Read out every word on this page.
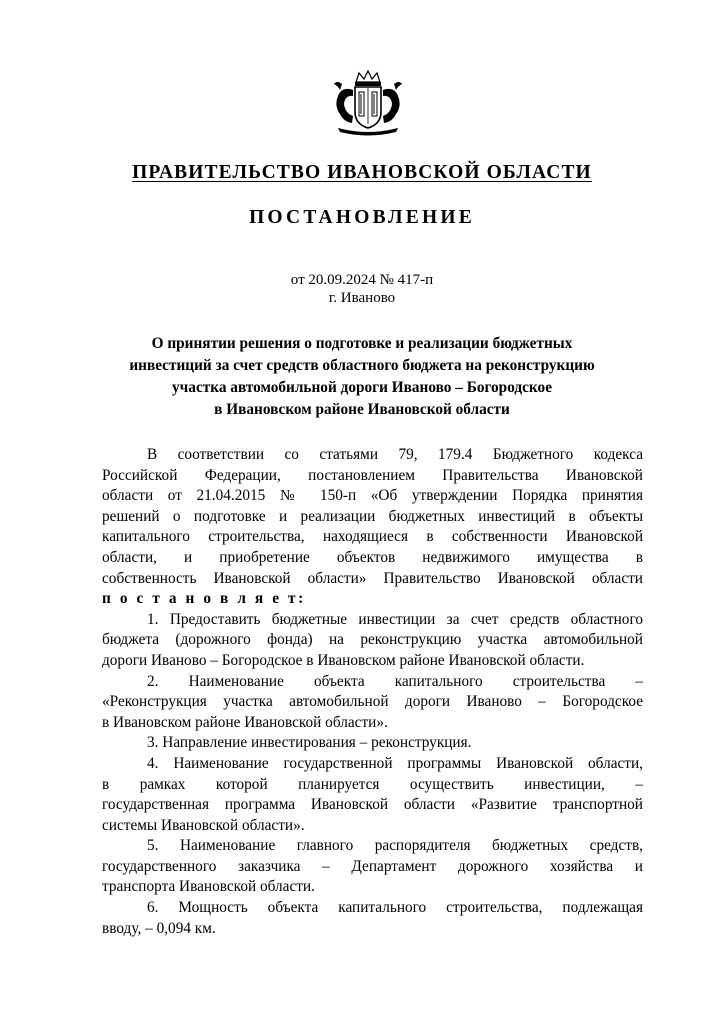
ПРАВИТЕЛЬСТВО ИВАНОВСКОЙ ОБЛАСТИ
ПОСТАНОВЛЕНИЕ
от 20.09.2024 № 417-п
г. Иваново
О принятии решения о подготовке и реализации бюджетных
инвестиций за счет средств областного бюджета на реконструкцию
участка автомобильной дороги Иваново – Богородское
в Ивановском районе Ивановской области

В соответствии со статьями 79, 179.4 Бюджетного кодекса

Российской Федерации, постановлением Правительства Ивановской

области от 21.04.2015 № 150-п «Об утверждении Порядка принятия

решений о подготовке и реализации бюджетных инвестиций в объекты

капитального строительства, находящиеся в собственности Ивановской

области, и приобретение объектов недвижимого имущества в

собственность Ивановской области» Правительство Ивановской области

п о с т а н о в л я е т:

1. Предоставить бюджетные инвестиции за счет средств областного

бюджета (дорожного фонда) на реконструкцию участка автомобильной

дороги Иваново – Богородское в Ивановском районе Ивановской области.

2. Наименование объекта капитального строительства –

«Реконструкция участка автомобильной дороги Иваново – Богородское

в Ивановском районе Ивановской области».

3. Направление инвестирования – реконструкция.

4. Наименование государственной программы Ивановской области,

в рамках которой планируется осуществить инвестиции, –

государственная программа Ивановской области «Развитие транспортной

системы Ивановской области».

5. Наименование главного распорядителя бюджетных средств,

государственного заказчика – Департамент дорожного хозяйства и

транспорта Ивановской области.

6. Мощность объекта капитального строительства, подлежащая

вводу, – 0,094 км.
